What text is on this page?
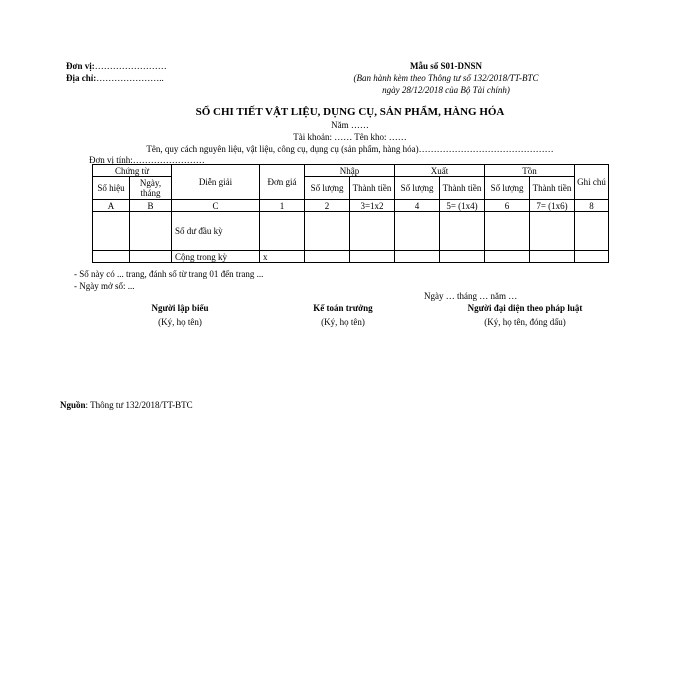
Đơn vị:……………………
Địa chỉ:…………………..
Mẫu số S01-DNSN
(Ban hành kèm theo Thông tư số 132/2018/TT-BTC
ngày 28/12/2018 của Bộ Tài chính)
SỔ CHI TIẾT VẬT LIỆU, DỤNG CỤ, SẢN PHẨM, HÀNG HÓA
Năm ……
Tài khoản: …… Tên kho: ……
Tên, quy cách nguyên liệu, vật liệu, công cụ, dụng cụ (sản phẩm, hàng hóa)………………………………………
Đơn vị tính:……………………
Chứng từ		Diễn giải	Đơn giá	Nhập		Xuất		Tồn		Ghi chú
Số hiệu	Ngày, tháng			Số lượng	Thành tiền	Số lượng	Thành tiền	Số lượng	Thành tiền	
A	B	C	1	2	3=1x2	4	5= (1x4)	6	7= (1x6)	8
		Số dư đầu kỳ								
		Cộng trong kỳ	x							
- Sổ này có ... trang, đánh số từ trang 01 đến trang ...
- Ngày mở sổ: ...
Ngày … tháng … năm …
Người lập biểu
(Ký, họ tên)
Kế toán trưởng
(Ký, họ tên)
Người đại diện theo pháp luật
(Ký, họ tên, đóng dấu)
Nguồn: Thông tư 132/2018/TT-BTC
